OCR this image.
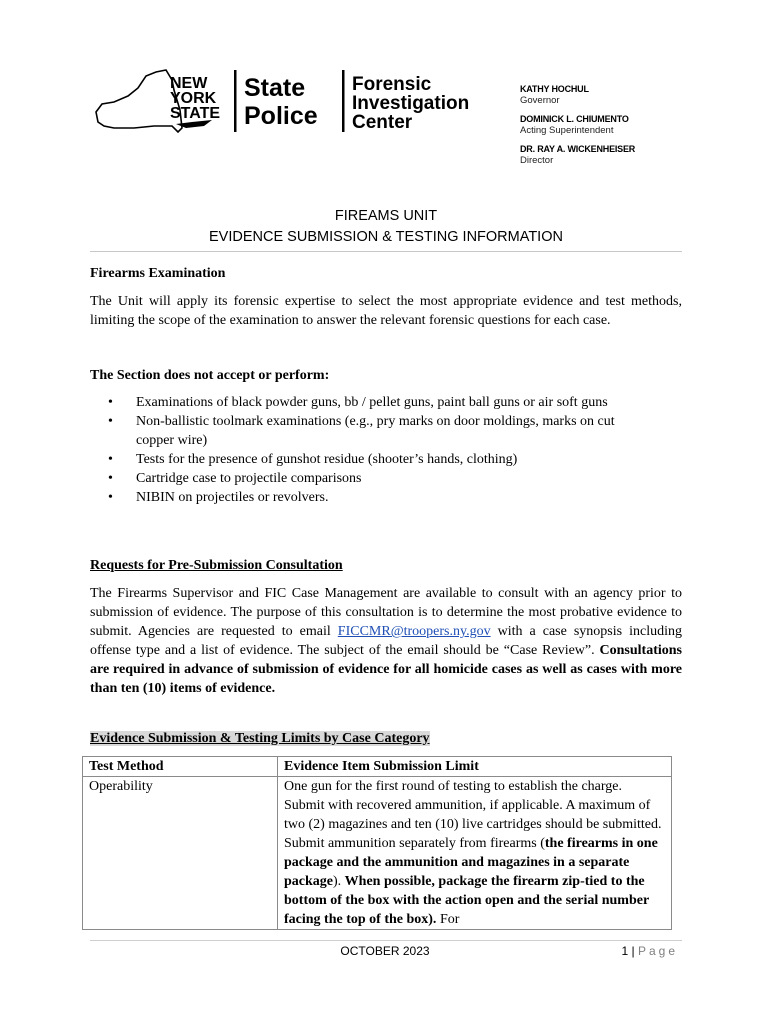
NEW
YORK
STATE
State
Police
Forensic
Investigation
Center
KATHY HOCHUL
Governor
DOMINICK L. CHIUMENTO
Acting Superintendent
DR. RAY A. WICKENHEISER
Director
FIREAMS UNIT
EVIDENCE SUBMISSION & TESTING INFORMATION
Firearms Examination

The Unit will apply its forensic expertise to select the most appropriate evidence and test methods, limiting the scope of the examination to answer the relevant forensic questions for each case.

The Section does not accept or perform:
• Examinations of black powder guns, bb / pellet guns, paint ball guns or air soft guns
• Non-ballistic toolmark examinations (e.g., pry marks on door moldings, marks on cut copper wire)
• Tests for the presence of gunshot residue (shooter’s hands, clothing)
• Cartridge case to projectile comparisons
• NIBIN on projectiles or revolvers.
Requests for Pre-Submission Consultation

The Firearms Supervisor and FIC Case Management are available to consult with an agency prior to submission of evidence. The purpose of this consultation is to determine the most probative evidence to submit. Agencies are requested to email FICCMR@troopers.ny.gov with a case synopsis including offense type and a list of evidence. The subject of the email should be “Case Review”. Consultations are required in advance of submission of evidence for all homicide cases as well as cases with more than ten (10) items of evidence.

Evidence Submission & Testing Limits by Case Category
Test Method	Evidence Item Submission Limit
Operability	One gun for the first round of testing to establish the charge. Submit with recovered ammunition, if applicable. A maximum of two (2) magazines and ten (10) live cartridges should be submitted. Submit ammunition separately from firearms (the firearms in one package and the ammunition and magazines in a separate package). When possible, package the firearm zip-tied to the bottom of the box with the action open and the serial number facing the top of the box). For
OCTOBER 2023	1 | Page
